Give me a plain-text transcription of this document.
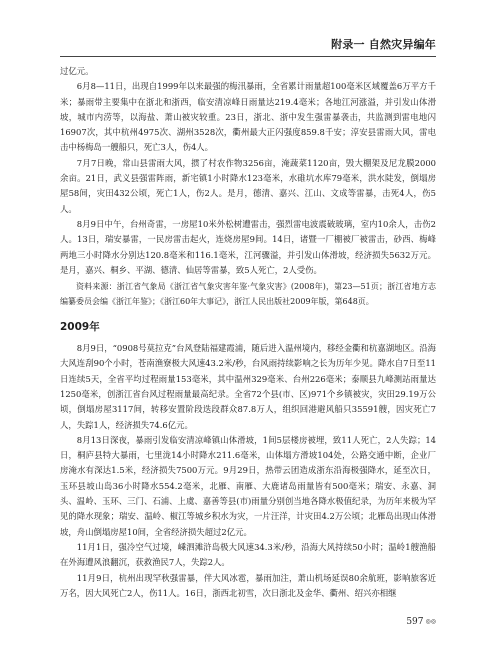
附录一 自然灾异编年

过亿元。

6月8—11日，出现自1999年以来最强的梅汛暴雨，全省累计雨量超100毫米区域覆盖6万平方千米；暴雨带主要集中在浙北和浙西，临安清凉峰日雨量达219.4毫米；各地江河涨溢，并引发山体滑坡，城市内涝等，以海盐、萧山被灾较重。23日，浙北、浙中发生强雷暴袭击，共监测到雷电地闪16907次，其中杭州4975次、湖州3528次，衢州最大正闪强度859.8千安；淳安县雷雨大风，雷电击中杨梅岛一艘船只，死亡3人，伤4人。

7月7日晚，常山县雷雨大风，掼了村农作物3256亩，淹蔬菜1120亩，毁大棚架及尼龙膜2000余亩。21日，武义县强雷阵雨，新宅镇1小时降水123毫米，水碓坑水库79毫米，洪水陡发，倒塌房屋58间，灾田432公顷，死亡1人，伤2人。是月，德清、嘉兴、江山、文成等雷暴，击死4人，伤5人。

8月9日中午，台州奇雷，一房屋10米外松树遭雷击，强烈雷电波震破玻璃，室内10余人，击伤2人。13日，瑞安暴雷，一民房雷击起火，连烧房屋9间。14日，诸暨一厂棚被厂被雷击，砂西、梅峰两地三小时降水分别达120.8毫米和116.1毫米，江河骤溢，并引发山体滑坡，经济损失5632万元。是月，嘉兴、桐乡、平湖、德清、仙居等雷暴，致5人死亡，2人受伤。

资料来源：浙江省气象局《浙江省气象灾害年鉴·气象灾害》(2008年)，第23—51页；浙江省地方志编纂委员会编《浙江年鉴》；《浙江60年大事记》，浙江人民出版社2009年版，第648页。

2009年

8月9日，“0908号莫拉克”台风登陆福建霞浦，随后进入温州境内，移经金衢和杭嘉湖地区。沿海大风连刮90个小时，苍南渔寮极大风速43.2米/秒，台风雨持续影响之长为历年少见。降水自7日至11日连续5天，全省平均过程雨量153毫米，其中温州329毫米、台州226毫米；泰顺县九峰测站雨量达1250毫米，创浙江省台风过程雨量最高纪录。全省72个县(市、区)971个乡镇被灾，灾田29.19万公顷，倒塌房屋3117间，转移安置阶段迭段群众87.8万人，组织回港避风船只35591艘，因灾死亡7人，失踪1人，经济损失74.6亿元。

8月13日深夜，暴雨引发临安清凉峰镇山体滑坡，1间5层楼房被埋，致11人死亡，2人失踪；14日，桐庐县特大暴雨，七里泷14小时降水211.6毫米，山体塌方滑坡104处，公路交通中断，企业厂房淹水有深达1.5米，经济损失7500万元。9月29日，热带云团造成浙东沿海极强降水，延至次日，玉环县坡山岛36小时降水554.2毫米，北雁、南雁、大鹿诸岛雨量皆有500毫米；瑞安、永嘉、洞头、温岭、玉环、三门、石浦、上虞、嘉善等县(市)雨量分别创当地各降水极值纪录，为历年来极为罕见的降水现象；瑞安、温岭、椒江等城乡积水为灾，一片汪洋，计灾田4.2万公顷；北雁岛出现山体滑坡，舟山倒塌房屋10间，全省经济损失超过2亿元。

11月1日，强冷空气过境，嵊泗滩浒岛极大风速34.3米/秒，沿海大风持续50小时；温岭1艘渔船在外海遭风浪翻沉，获救渔民7人，失踪2人。

11月9日，杭州出现罕秋强雷暴，伴大风冰雹，暴雨加注，萧山机场延误80余航班，影响旅客近万名，因大风死亡2人，伤11人。16日，浙西北初雪，次日浙北及金华、衢州、绍兴亦相继

597 ◎◎
